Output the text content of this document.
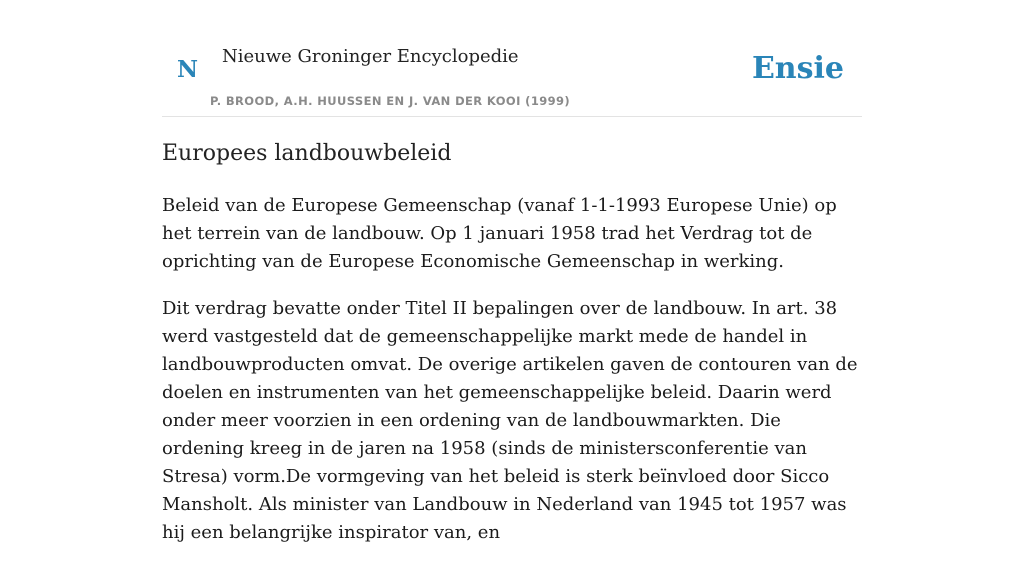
N Nieuwe Groninger Encyclopedie
P. BROOD, A.H. HUUSSEN EN J. VAN DER KOOI (1999)
Ensie
Europees landbouwbeleid

Beleid van de Europese Gemeenschap (vanaf 1-1-1993 Europese Unie) op het terrein van de landbouw. Op 1 januari 1958 trad het Verdrag tot de oprichting van de Europese Economische Gemeenschap in werking.

Dit verdrag bevatte onder Titel II bepalingen over de landbouw. In art. 38 werd vastgesteld dat de gemeenschappelijke markt mede de handel in landbouwproducten omvat. De overige artikelen gaven de contouren van de doelen en instrumenten van het gemeenschappelijke beleid. Daarin werd onder meer voorzien in een ordening van de landbouwmarkten. Die ordening kreeg in de jaren na 1958 (sinds de ministersconferentie van Stresa) vorm.De vormgeving van het beleid is sterk beïnvloed door Sicco Mansholt. Als minister van Landbouw in Nederland van 1945 tot 1957 was hij een belangrijke inspirator van, en
